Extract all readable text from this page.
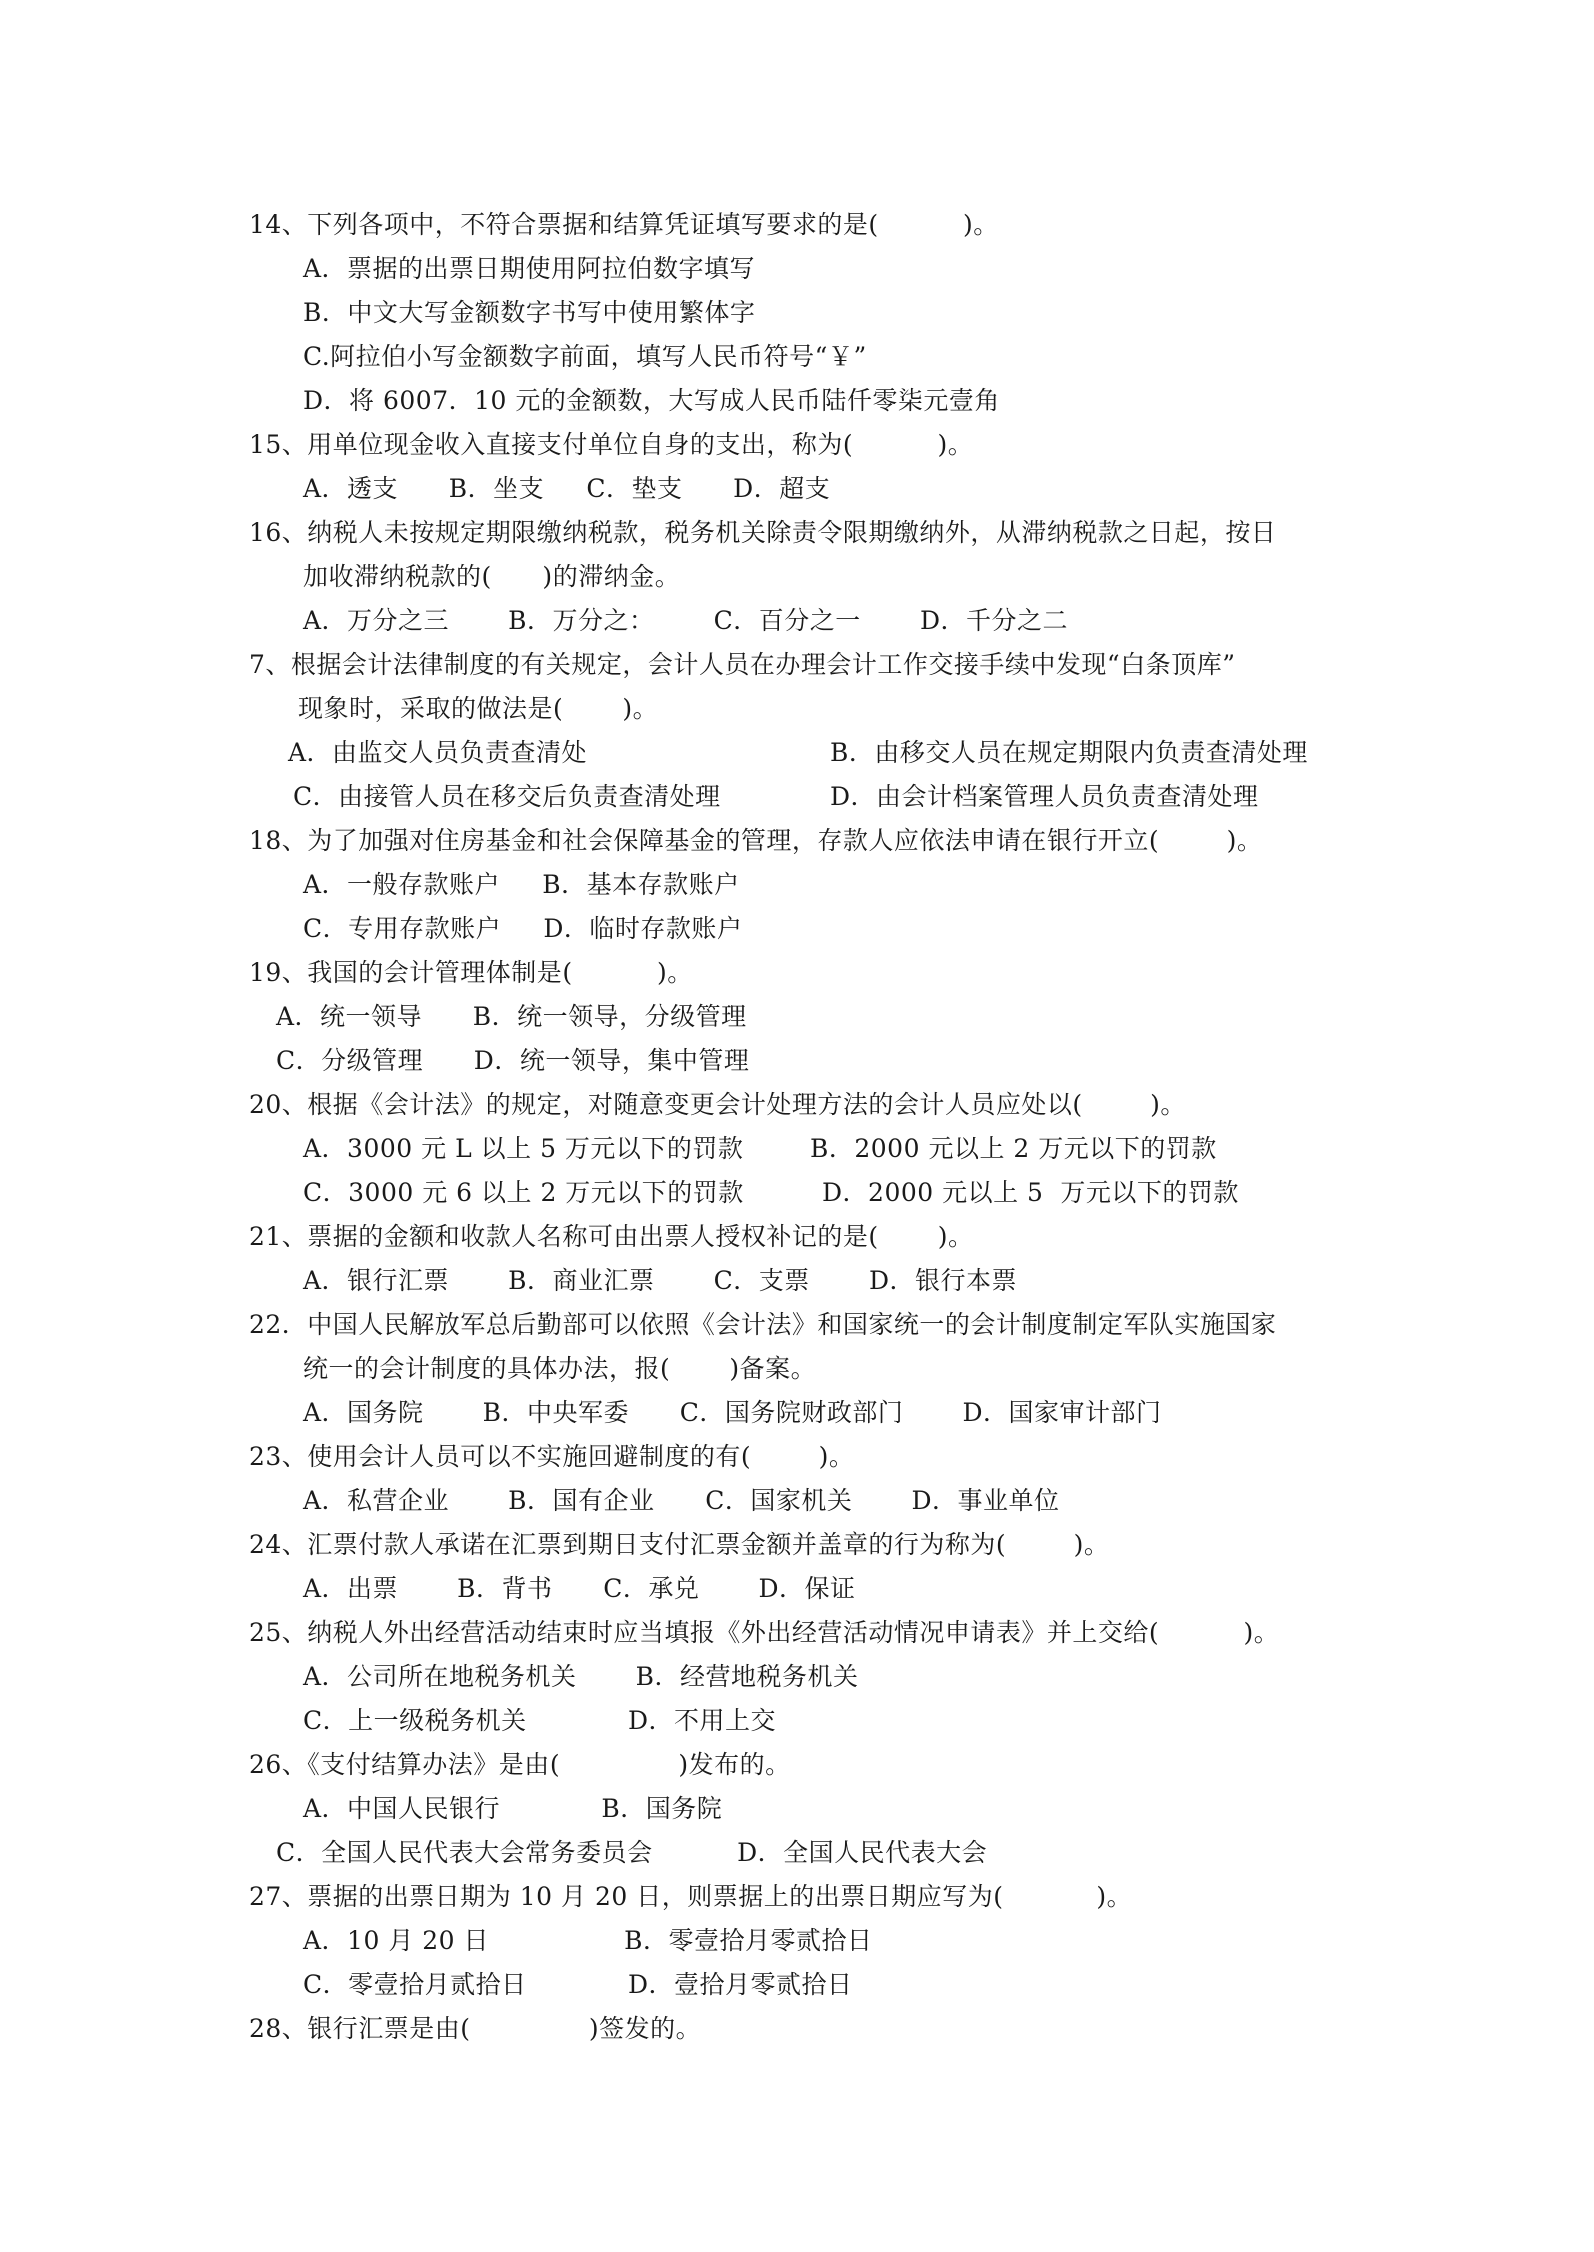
14、下列各项中，不符合票据和结算凭证填写要求的是(          )。
A．票据的出票日期使用阿拉伯数字填写
B．中文大写金额数字书写中使用繁体字
C.阿拉伯小写金额数字前面，填写人民币符号“￥”
D．将 6007．10 元的金额数，大写成人民币陆仟零柒元壹角
15、用单位现金收入直接支付单位自身的支出，称为(          )。
A．透支      B．坐支     C．垫支      D．超支
16、纳税人未按规定期限缴纳税款，税务机关除责令限期缴纳外，从滞纳税款之日起，按日
加收滞纳税款的(      )的滞纳金。
A．万分之三       B．万分之：       C．百分之一       D．千分之二
7、根据会计法律制度的有关规定，会计人员在办理会计工作交接手续中发现“白条顶库”
现象时，采取的做法是(       )。
A．由监交人员负责查清处	B．由移交人员在规定期限内负责查清处理
C．由接管人员在移交后负责查清处理	D．由会计档案管理人员负责查清处理
18、为了加强对住房基金和社会保障基金的管理，存款人应依法申请在银行开立(        )。
A．一般存款账户     B．基本存款账户
C．专用存款账户     D．临时存款账户
19、我国的会计管理体制是(          )。
A．统一领导      B．统一领导，分级管理
C．分级管理      D．统一领导，集中管理
20、根据《会计法》的规定，对随意变更会计处理方法的会计人员应处以(        )。
A．3000 元 L 以上 5 万元以下的罚款	B．2000 元以上 2 万元以下的罚款
C．3000 元 6 以上 2 万元以下的罚款	D．2000 元以上 5  万元以下的罚款
21、票据的金额和收款人名称可由出票人授权补记的是(       )。
A．银行汇票       B．商业汇票       C．支票       D．银行本票
22．中国人民解放军总后勤部可以依照《会计法》和国家统一的会计制度制定军队实施国家
统一的会计制度的具体办法，报(       )备案。
A．国务院       B．中央军委      C．国务院财政部门       D．国家审计部门
23、使用会计人员可以不实施回避制度的有(        )。
A．私营企业       B．国有企业      C．国家机关       D．事业单位
24、汇票付款人承诺在汇票到期日支付汇票金额并盖章的行为称为(        )。
A．出票       B．背书      C．承兑       D．保证
25、纳税人外出经营活动结束时应当填报《外出经营活动情况申请表》并上交给(          )。
A．公司所在地税务机关       B．经营地税务机关
C．上一级税务机关            D．不用上交
26、《支付结算办法》是由(              )发布的。
A．中国人民银行            B．国务院
C．全国人民代表大会常务委员会          D．全国人民代表大会
27、票据的出票日期为 10 月 20 日，则票据上的出票日期应写为(           )。
A．10 月 20 日                B．零壹拾月零贰拾日
C．零壹拾月贰拾日            D．壹拾月零贰拾日
28、银行汇票是由(              )签发的。
